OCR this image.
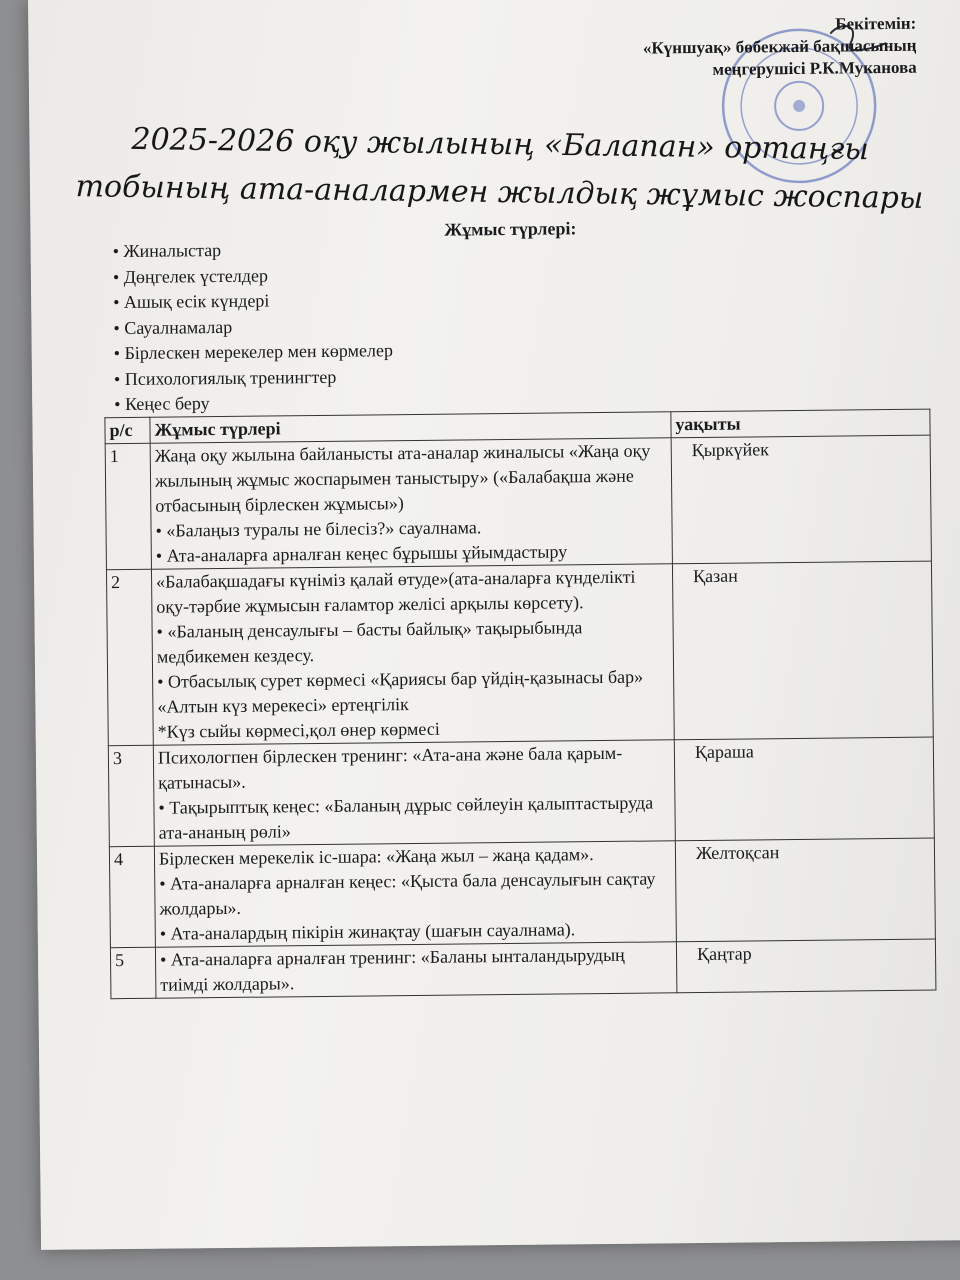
Бекітемін:
«Күншуақ» бөбекжай бақшасының
меңгерушісі Р.К.Муканова
2025-2026 оқу жылының «Балапан» ортаңғы тобының ата-аналармен жылдық жұмыс жоспары
Жұмыс түрлері:
• Жиналыстар
• Дөңгелек үстелдер
• Ашық есік күндері
• Сауалнамалар
• Бірлескен мерекелер мен көрмелер
• Психологиялық тренингтер
• Кеңес беру
р/с	Жұмыс түрлері	уақыты
1	Жаңа оқу жылына байланысты ата-аналар жиналысы «Жаңа оқу жылының жұмыс жоспарымен таныстыру» («Балабақша және отбасының бірлескен жұмысы»)
• «Балаңыз туралы не білесіз?» сауалнама.
• Ата-аналарға арналған кеңес бұрышы ұйымдастыру	Қыркүйек
2	«Балабақшадағы күніміз қалай өтуде»(ата-аналарға күнделікті оқу-тәрбие жұмысын ғаламтор желісі арқылы көрсету).
• «Баланың денсаулығы – басты байлық» тақырыбында медбикемен кездесу.
• Отбасылық сурет көрмесі «Қариясы бар үйдің-қазынасы бар»
«Алтын күз мерекесі» ертеңгілік
*Күз сыйы көрмесі,қол өнер көрмесі	Қазан
3	Психологпен бірлескен тренинг: «Ата-ана және бала қарым-қатынасы».
• Тақырыптық кеңес: «Баланың дұрыс сөйлеуін қалыптастыруда ата-ананың рөлі»	Қараша
4	Бірлескен мерекелік іс-шара: «Жаңа жыл – жаңа қадам».
• Ата-аналарға арналған кеңес: «Қыста бала денсаулығын сақтау жолдары».
• Ата-аналардың пікірін жинақтау (шағын сауалнама).	Желтоқсан
5	• Ата-аналарға арналған тренинг: «Баланы ынталандырудың тиімді жолдары».	Қаңтар
